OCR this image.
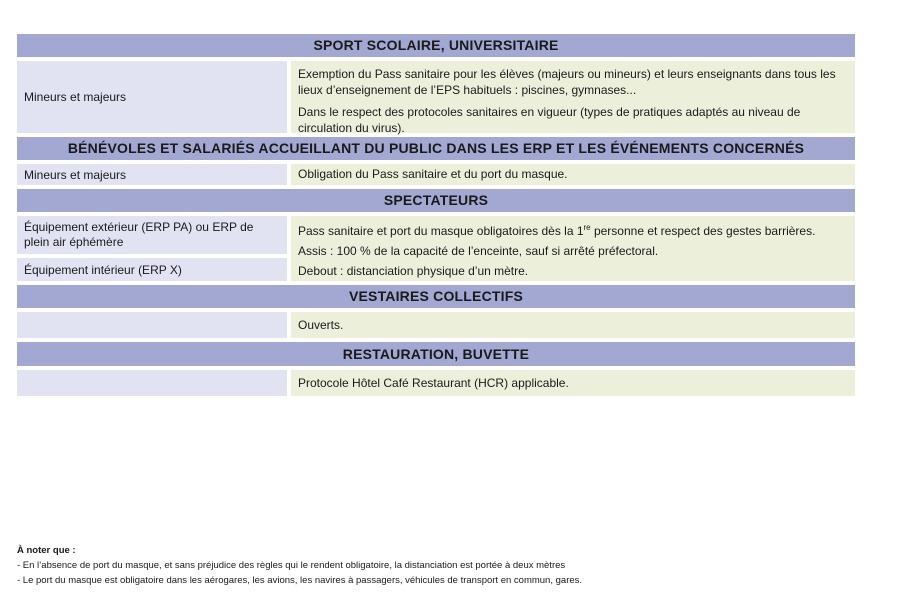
SPORT SCOLAIRE, UNIVERSITAIRE
Mineurs et majeurs

Exemption du Pass sanitaire pour les élèves (majeurs ou mineurs) et leurs enseignants dans tous les lieux d’enseignement de l’EPS habituels : piscines, gymnases...

Dans le respect des protocoles sanitaires en vigueur (types de pratiques adaptés au niveau de circulation du virus).

BÉNÉVOLES ET SALARIÉS ACCUEILLANT DU PUBLIC DANS LES ERP ET LES ÉVÉNEMENTS CONCERNÉS
Mineurs et majeurs	Obligation du Pass sanitaire et du port du masque.

SPECTATEURS
Équipement extérieur (ERP PA) ou ERP de plein air éphémère
Équipement intérieur (ERP X)

Pass sanitaire et port du masque obligatoires dès la 1re personne et respect des gestes barrières.

Assis : 100 % de la capacité de l’enceinte, sauf si arrêté préfectoral.

Debout : distanciation physique d’un mètre.

VESTAIRES COLLECTIFS

Ouverts.

RESTAURATION, BUVETTE

Protocole Hôtel Café Restaurant (HCR) applicable.

À noter que :
- En l’absence de port du masque, et sans préjudice des règles qui le rendent obligatoire, la distanciation est portée à deux mètres
- Le port du masque est obligatoire dans les aérogares, les avions, les navires à passagers, véhicules de transport en commun, gares.
